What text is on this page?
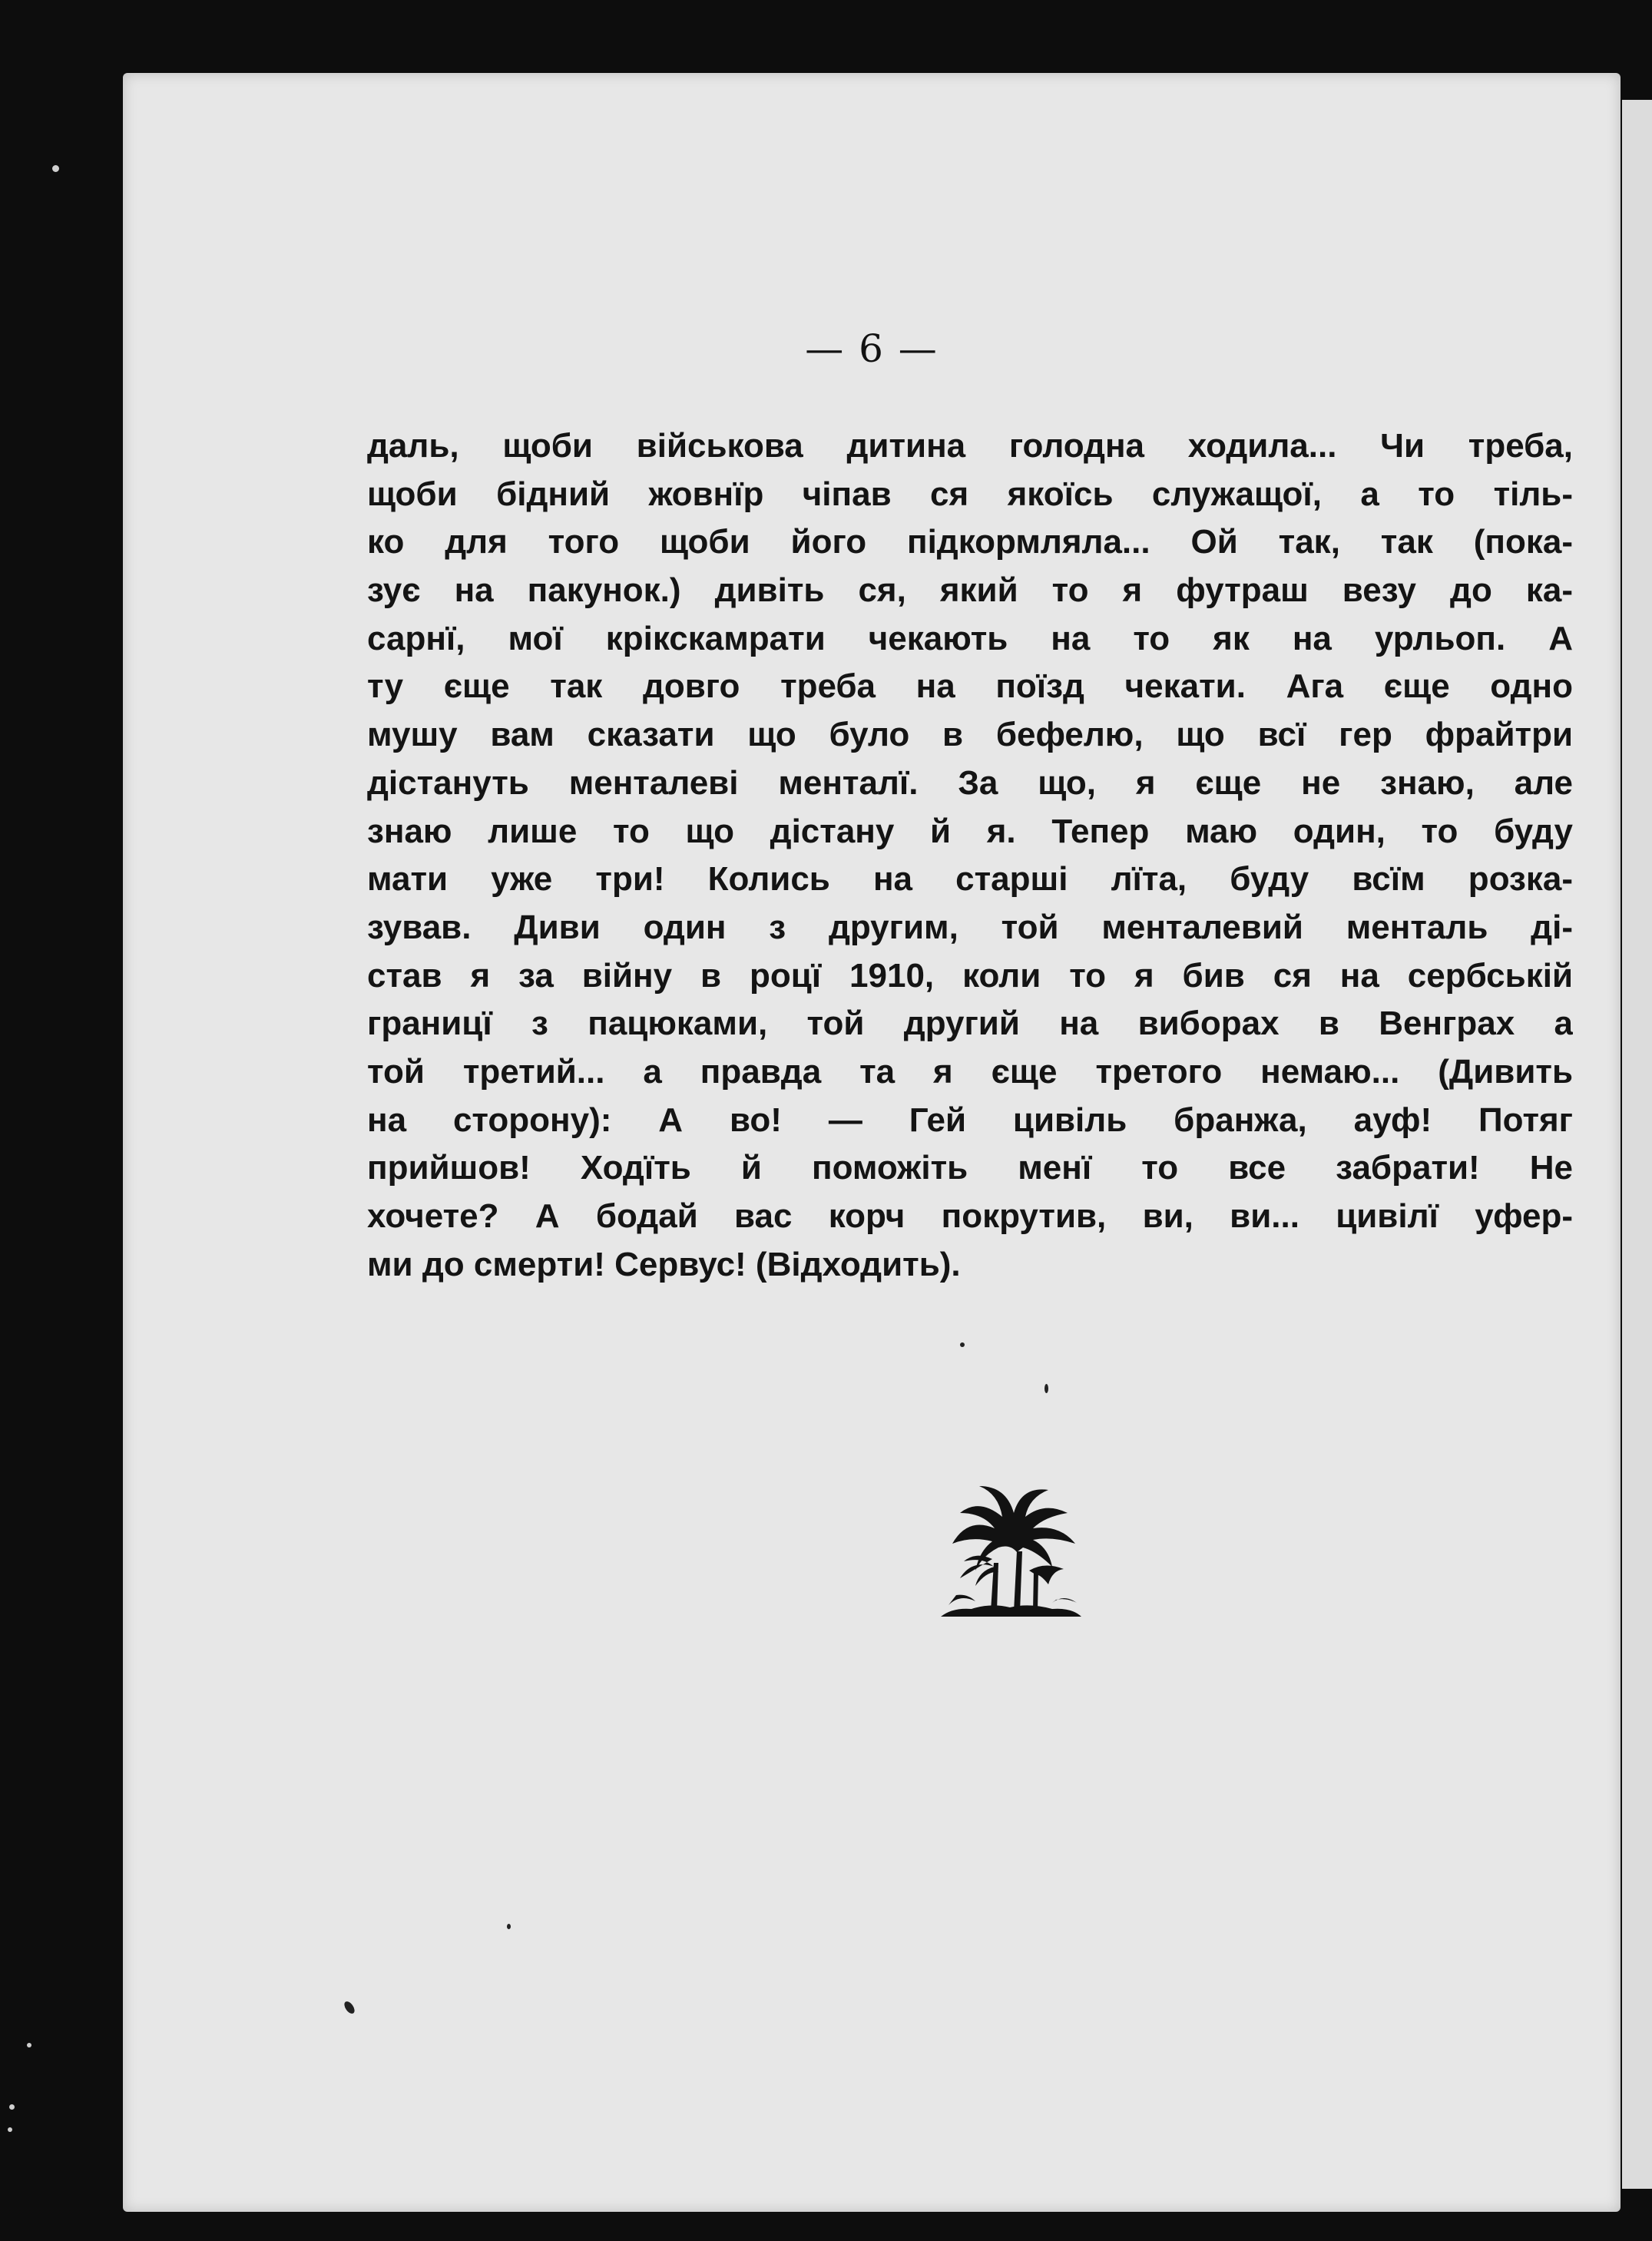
— 6 —
даль, щоби військова дитина голодна ходила... Чи треба,
щоби бідний жовнїр чіпав ся якоїсь служащої, а то тіль-
ко для того щоби його підкормляла... Ой так, так (пока-
зує на пакунок.) дивіть ся, який то я футраш везу до ка-
сарнї, мої крікскамрати чекають на то як на урльоп. А
ту єще так довго треба на поїзд чекати. Ага єще одно
мушу вам сказати що було в бефелю, що всї гер фрайтри
дістануть менталеві менталї. За що, я єще не знаю, але
знаю лише то що дістану й я. Тепер маю один, то буду
мати уже три! Колись на старші лїта, буду всїм розка-
зував. Диви один з другим, той менталевий менталь ді-
став я за війну в роцї 1910, коли то я бив ся на сербській
границї з пацюками, той другий на виборах в Венграх а
той третий... а правда та я єще третого немаю... (Дивить
на сторону): А во! — Гей цивіль бранжа, ауф! Потяг
прийшов! Ходїть й поможіть менї то все забрати! Не
хочете? А бодай вас корч покрутив, ви, ви... цивілї уфер-
ми до смерти! Сервус! (Відходить).
